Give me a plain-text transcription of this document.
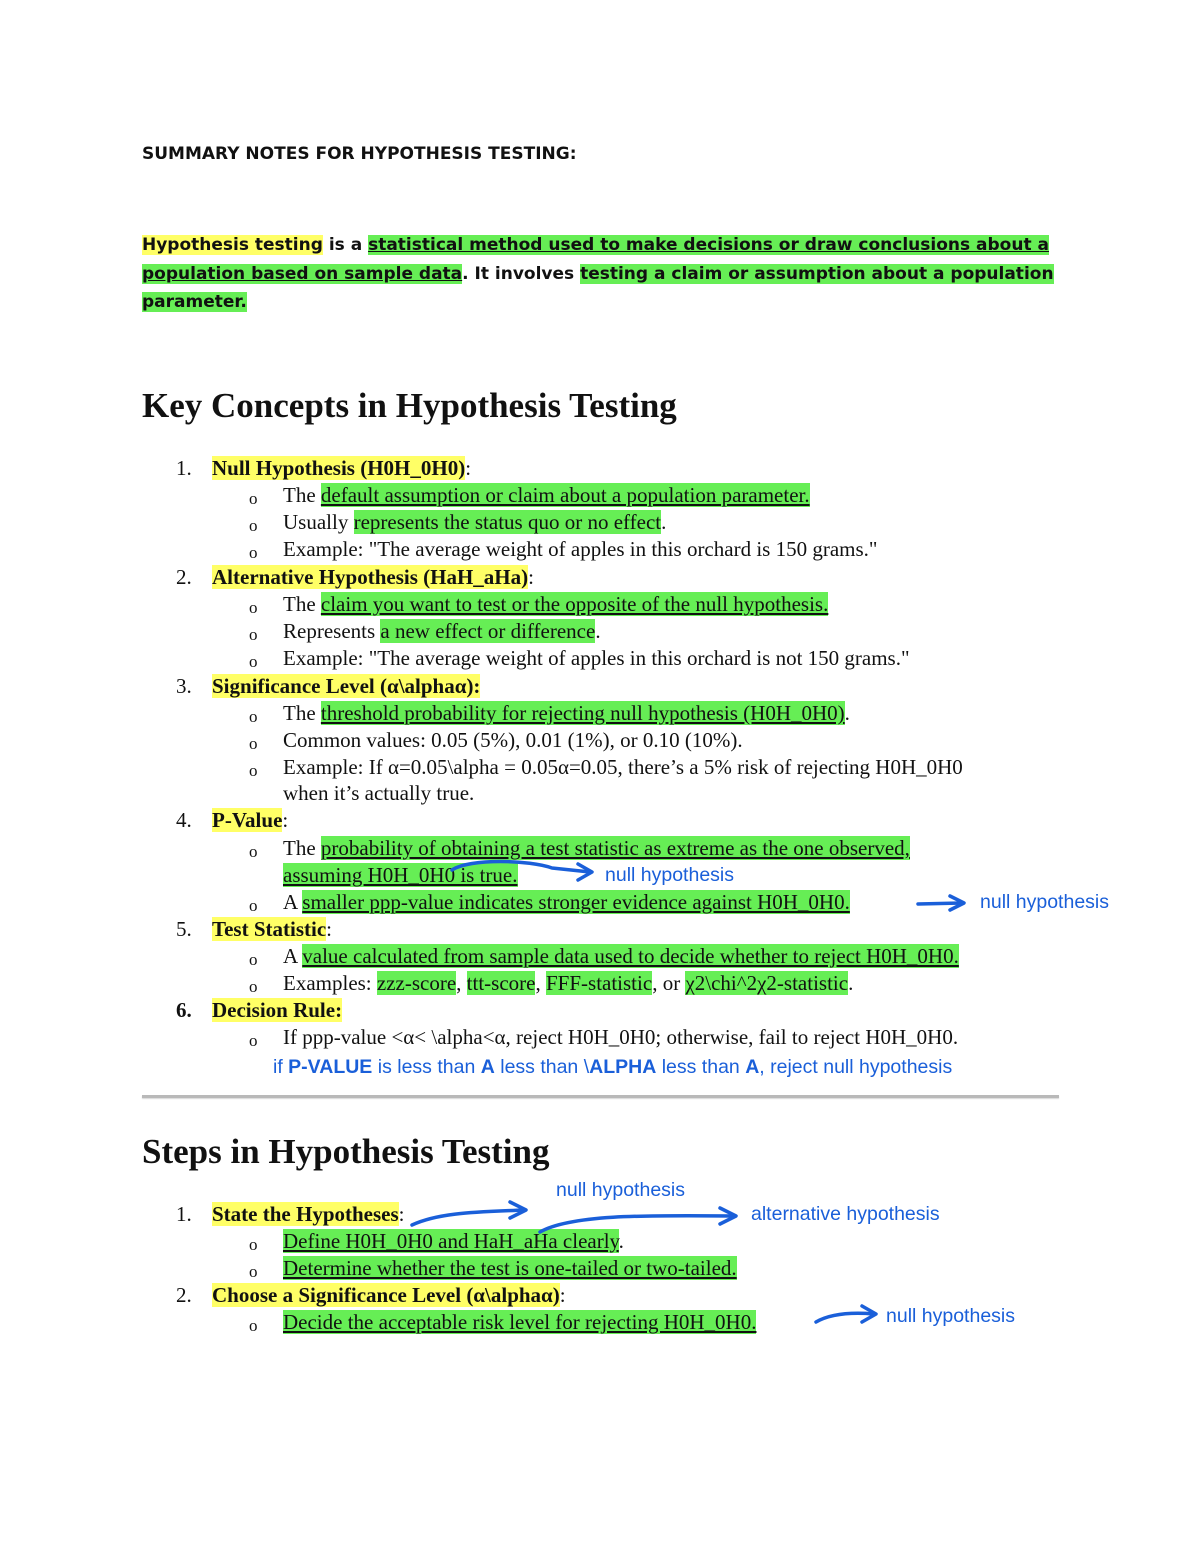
SUMMARY NOTES FOR HYPOTHESIS TESTING:
Hypothesis testing is a statistical method used to make decisions or draw conclusions about a population based on sample data. It involves testing a claim or assumption about a population parameter.
Key Concepts in Hypothesis Testing
1. Null Hypothesis (H0H_0H0):
o The default assumption or claim about a population parameter.
o Usually represents the status quo or no effect.
o Example: "The average weight of apples in this orchard is 150 grams."
2. Alternative Hypothesis (HaH_aHa):
o The claim you want to test or the opposite of the null hypothesis.
o Represents a new effect or difference.
o Example: "The average weight of apples in this orchard is not 150 grams."
3. Significance Level (α\alphaα):
o The threshold probability for rejecting null hypothesis (H0H_0H0).
o Common values: 0.05 (5%), 0.01 (1%), or 0.10 (10%).
o Example: If α=0.05\alpha = 0.05α=0.05, there’s a 5% risk of rejecting H0H_0H0
when it’s actually true.
4. P-Value:
o The probability of obtaining a test statistic as extreme as the one observed,
assuming H0H_0H0 is true.
o A smaller ppp-value indicates stronger evidence against H0H_0H0.
5. Test Statistic:
o A value calculated from sample data used to decide whether to reject H0H_0H0.
o Examples: zzz-score, ttt-score, FFF-statistic, or χ2\chi^2χ2-statistic.
6. Decision Rule:
o If ppp-value <α< \alpha<α, reject H0H_0H0; otherwise, fail to reject H0H_0H0.
if P-VALUE is less than A less than \ALPHA less than A, reject null hypothesis
Steps in Hypothesis Testing
1. State the Hypotheses:
o Define H0H_0H0 and HaH_aHa clearly.
o Determine whether the test is one-tailed or two-tailed.
2. Choose a Significance Level (α\alphaα):
o Decide the acceptable risk level for rejecting H0H_0H0.
null hypothesis
null hypothesis
null hypothesis
alternative hypothesis
null hypothesis
